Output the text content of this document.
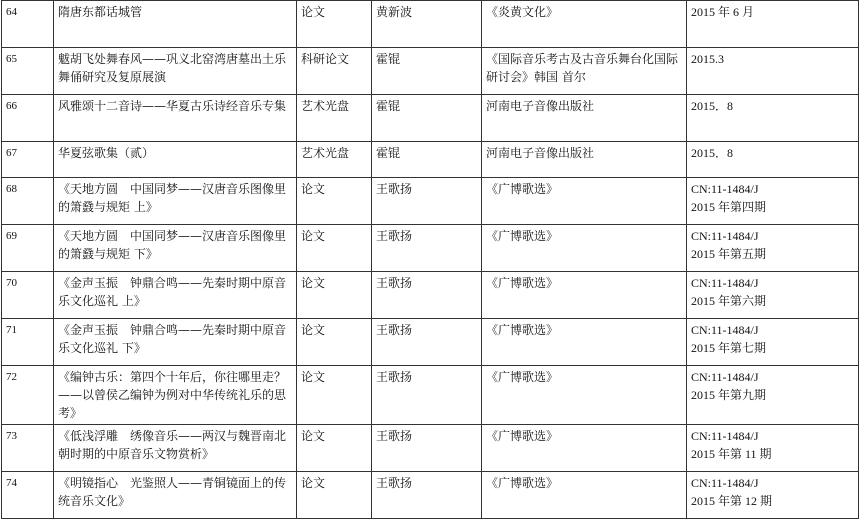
64	隋唐东都话城管	论文	黄新波	《炎黄文化》	2015 年 6 月

65	魃胡飞处舞春风——巩义北窑湾唐墓出土乐舞俑研究及复原展演	科研论文	霍锟	《国际音乐考古及古音乐舞台化国际研讨会》韩国 首尔	2015.3

66	风雅颂十二音诗——华夏古乐诗经音乐专集	艺术光盘	霍锟	河南电子音像出版社	2015．8

67	华夏弦歌集（贰）	艺术光盘	霍锟	河南电子音像出版社	2015．8

68	《天地方圆　中国同梦——汉唐音乐图像里的箫鼗与规矩 上》	论文	王歌扬	《广博歌选》	CN:11-1484/J
2015 年第四期

69	《天地方圆　中国同梦——汉唐音乐图像里的箫鼗与规矩 下》	论文	王歌扬	《广博歌选》	CN:11-1484/J
2015 年第五期

70	《金声玉振　钟鼎合鸣——先秦时期中原音乐文化巡礼 上》	论文	王歌扬	《广博歌选》	CN:11-1484/J
2015 年第六期

71	《金声玉振　钟鼎合鸣——先秦时期中原音乐文化巡礼 下》	论文	王歌扬	《广博歌选》	CN:11-1484/J
2015 年第七期

72	《编钟古乐：第四个十年后，你往哪里走？——以曾侯乙编钟为例对中华传统礼乐的思考》	论文	王歌扬	《广博歌选》	CN:11-1484/J
2015 年第九期

73	《低浅浮雕　绣像音乐——两汉与魏晋南北朝时期的中原音乐文物赏析》	论文	王歌扬	《广博歌选》	CN:11-1484/J
2015 年第 11 期

74	《明镜指心　光鉴照人——青铜镜面上的传统音乐文化》	论文	王歌扬	《广博歌选》	CN:11-1484/J
2015 年第 12 期
